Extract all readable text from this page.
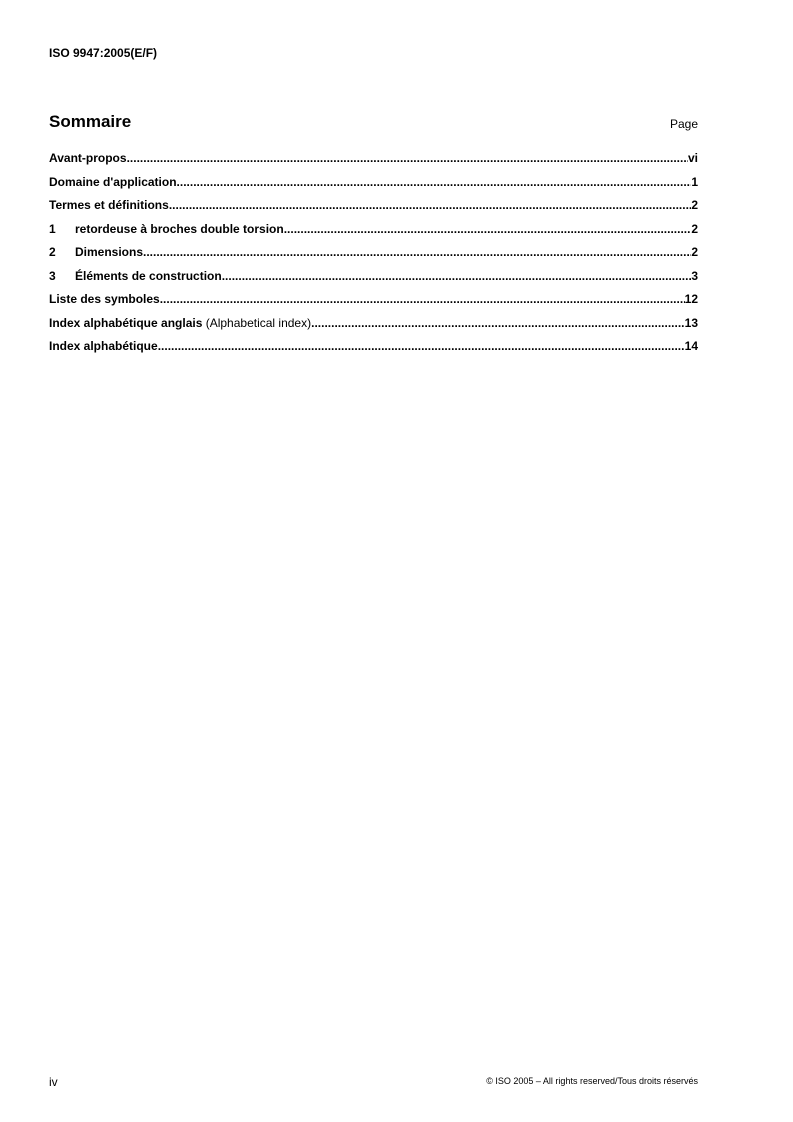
ISO 9947:2005(E/F)
Sommaire	Page
Avant-propos .....	vi
Domaine d'application .....	1
Termes et définitions .....	2
1	retordeuse à broches double torsion .....	2
2	Dimensions .....	2
3	Éléments de construction .....	3
Liste des symboles .....	12
Index alphabétique anglais (Alphabetical index) .....	13
Index alphabétique .....	14
iv	© ISO 2005 – All rights reserved/Tous droits réservés
